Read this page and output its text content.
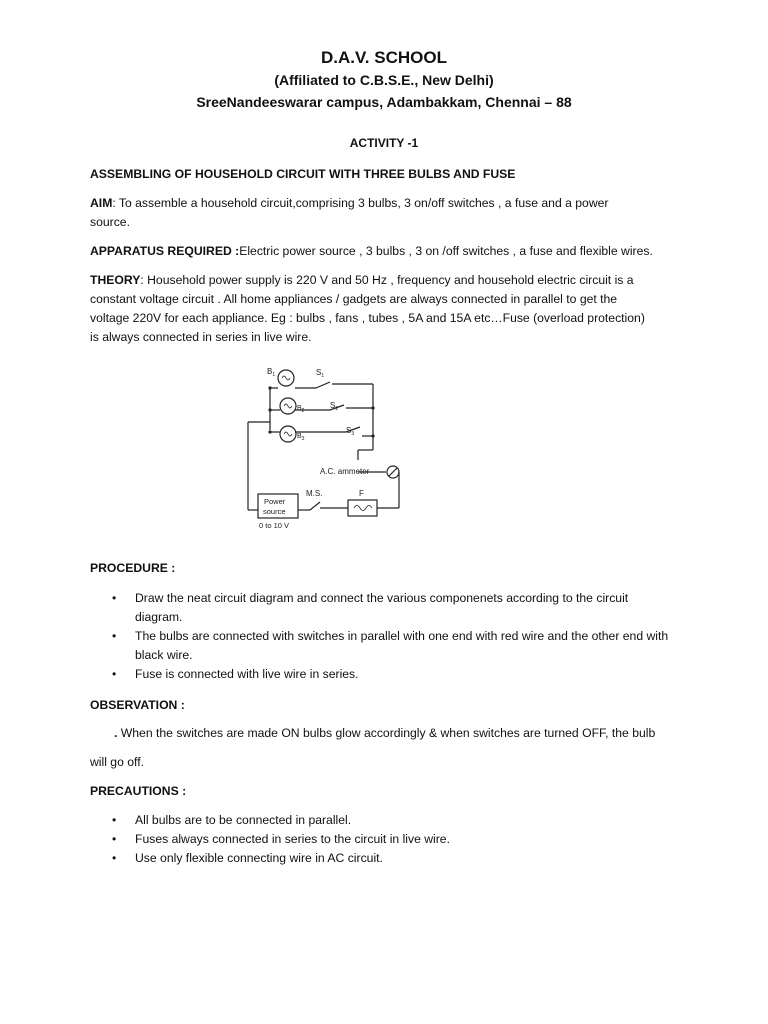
D.A.V. SCHOOL
(Affiliated to C.B.S.E., New Delhi)
SreeNandeeswarar campus, Adambakkam, Chennai – 88
ACTIVITY -1
ASSEMBLING OF HOUSEHOLD CIRCUIT WITH THREE BULBS AND FUSE
AIM: To assemble a household circuit,comprising 3 bulbs, 3 on/off switches , a fuse and a power source.
APPARATUS REQUIRED :Electric power source , 3 bulbs , 3 on /off switches , a fuse and flexible wires.
THEORY: Household power supply is 220 V and 50 Hz , frequency and household electric circuit is a constant voltage circuit . All home appliances / gadgets are always connected in parallel to get the voltage 220V for each appliance. Eg : bulbs , fans , tubes , 5A and 15A etc…Fuse (overload protection) is always connected in series in live wire.
$B_1$
$B_2$
$B_3$
$S_1$
$S_2$
$S_3$
A.C. ammeter
M.S.	F
Power
source
0 to 10 V
PROCEDURE :
• Draw the neat circuit diagram and connect the various componenets according to the circuit diagram.
• The bulbs are connected with switches in parallel with one end with red wire and the other end with black wire.
• Fuse is connected with live wire in series.
OBSERVATION :
. When the switches are made ON bulbs glow accordingly & when switches are turned OFF, the bulb
will go off.
PRECAUTIONS :
• All bulbs are to be connected in parallel.
• Fuses always connected in series to the circuit in live wire.
• Use only flexible connecting wire in AC circuit.
